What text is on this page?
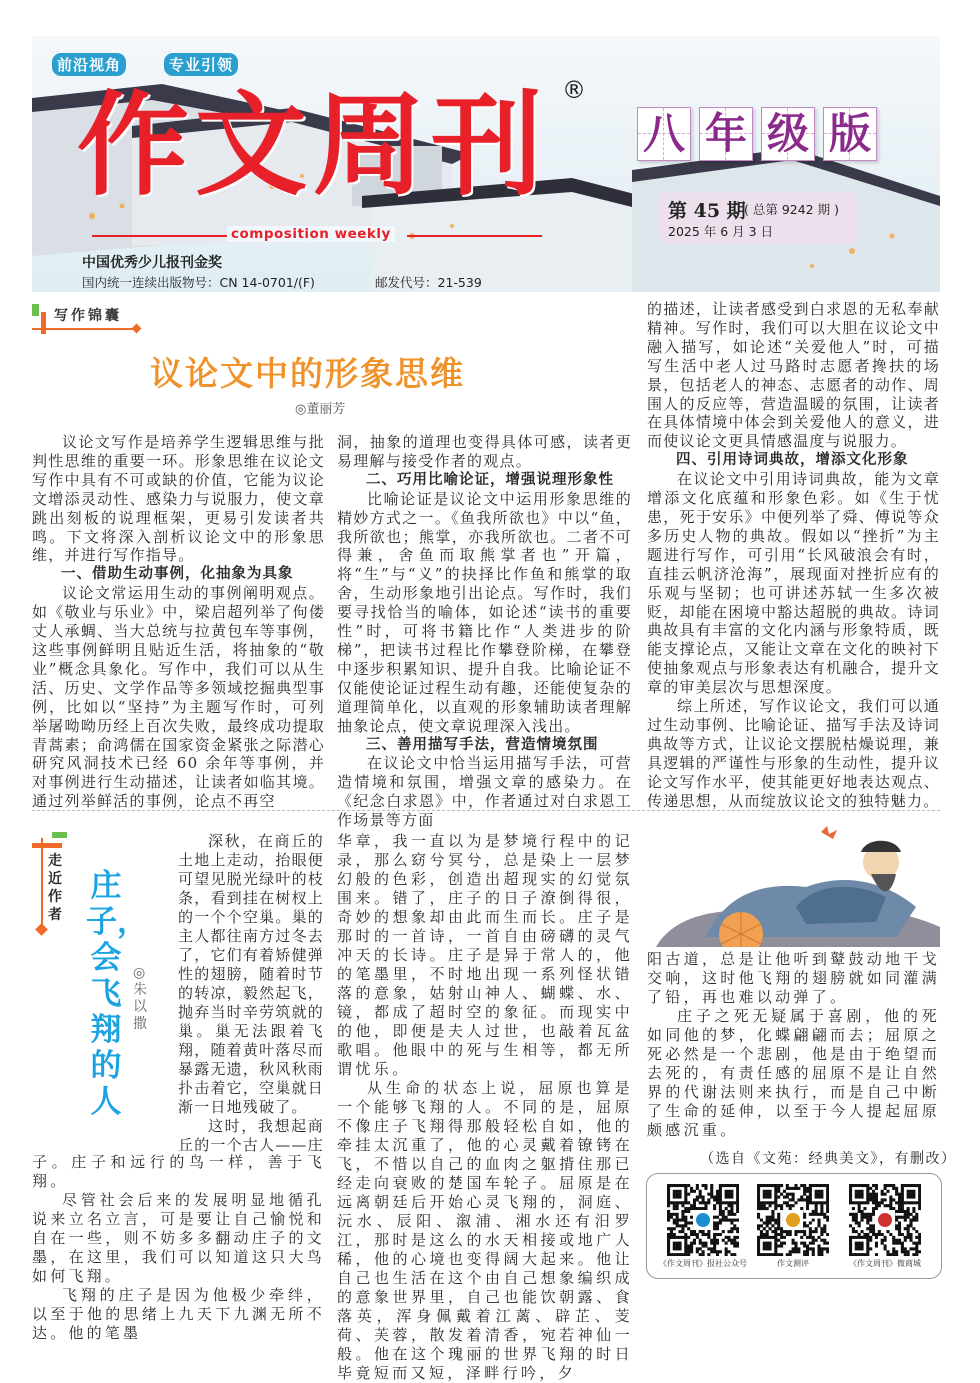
前沿视角	专业引领
作文周刊 ®
composition weekly
中国优秀少儿报刊金奖
国内统一连续出版物号：CN 14-0701/(F)	邮发代号：21-539
八 年 级 版
第 45 期
( 总第 9242 期 )
2025 年 6 月 3 日
写作锦囊
议论文中的形象思维
◎董丽芳

议论文写作是培养学生逻辑思维与批判性思维的重要一环。形象思维在议论文写作中具有不可或缺的价值，它能为议论文增添灵动性、感染力与说服力，使文章跳出刻板的说理框架，更易引发读者共鸣。下文将深入剖析议论文中的形象思维，并进行写作指导。

一、借助生动事例，化抽象为具象

议论文常运用生动的事例阐明观点。如《敬业与乐业》中，梁启超列举了佝偻丈人承蜩、当大总统与拉黄包车等事例，这些事例鲜明且贴近生活，将抽象的“敬业”概念具象化。写作中，我们可以从生活、历史、文学作品等多领域挖掘典型事例，比如以“坚持”为主题写作时，可列举屠呦呦历经上百次失败，最终成功提取青蒿素；俞鸿儒在国家资金紧张之际潜心研究风洞技术已经 60 余年等事例，并对事例进行生动描述，让读者如临其境。通过列举鲜活的事例，论点不再空

洞，抽象的道理也变得具体可感，读者更易理解与接受作者的观点。

二、巧用比喻论证，增强说理形象性

比喻论证是议论文中运用形象思维的精妙方式之一。《鱼我所欲也》中以“鱼，我所欲也；熊掌，亦我所欲也。二者不可得兼，舍鱼而取熊掌者也”开篇，将“生”与“义”的抉择比作鱼和熊掌的取舍，生动形象地引出论点。写作时，我们要寻找恰当的喻体，如论述“读书的重要性”时，可将书籍比作“人类进步的阶梯”，把读书过程比作攀登阶梯，在攀登中逐步积累知识、提升自我。比喻论证不仅能使论证过程生动有趣，还能使复杂的道理简单化，以直观的形象辅助读者理解抽象论点，使文章说理深入浅出。

三、善用描写手法，营造情境氛围

在议论文中恰当运用描写手法，可营造情境和氛围，增强文章的感染力。在《纪念白求恩》中，作者通过对白求恩工作场景等方面

的描述，让读者感受到白求恩的无私奉献精神。写作时，我们可以大胆在议论文中融入描写，如论述“关爱他人”时，可描写生活中老人过马路时志愿者搀扶的场景，包括老人的神态、志愿者的动作、周围人的反应等，营造温暖的氛围，让读者在具体情境中体会到关爱他人的意义，进而使议论文更具情感温度与说服力。

四、引用诗词典故，增添文化形象

在议论文中引用诗词典故，能为文章增添文化底蕴和形象色彩。如《生于忧患，死于安乐》中便列举了舜、傅说等众多历史人物的典故。假如以“挫折”为主题进行写作，可引用“长风破浪会有时，直挂云帆济沧海”，展现面对挫折应有的乐观与坚韧；也可讲述苏轼一生多次被贬，却能在困境中豁达超脱的典故。诗词典故具有丰富的文化内涵与形象特质，既能支撑论点，又能让文章在文化的映衬下使抽象观点与形象表达有机融合，提升文章的审美层次与思想深度。

综上所述，写作议论文，我们可以通过生动事例、比喻论证、描写手法及诗词典故等方式，让议论文摆脱枯燥说理，兼具逻辑的严谨性与形象的生动性，提升议论文写作水平，使其能更好地表达观点、传递思想，从而绽放议论文的独特魅力。

走近作者
庄子，会飞翔的人
◎朱以撒

深秋，在商丘的土地上走动，抬眼便可望见脱光绿叶的枝条，看到挂在树杈上的一个个空巢。巢的主人都往南方过冬去了，它们有着矫健弹性的翅膀，随着时节的转凉，毅然起飞，抛弃当时辛劳筑就的巢。巢无法跟着飞翔，随着黄叶落尽而暴露无遗，秋风秋雨扑击着它，空巢就日渐一日地残破了。

这时，我想起商丘的一个古人——庄

子。庄子和远行的鸟一样，善于飞翔。

尽管社会后来的发展明显地循孔说来立名立言，可是要让自己愉悦和自在一些，则不妨多多翻动庄子的文墨，在这里，我们可以知道这只大鸟如何飞翔。

飞翔的庄子是因为他极少牵绊，以至于他的思绪上九天下九渊无所不达。他的笔墨

华章，我一直以为是梦境行程中的记录，那么窈兮冥兮，总是染上一层梦幻般的色彩，创造出超现实的幻觉氛围来。错了，庄子的日子潦倒得很，奇妙的想象却由此而生而长。庄子是那时的一首诗，一首自由磅礴的灵气冲天的长诗。庄子是异于常人的，他的笔墨里，不时地出现一系列怪状错落的意象，姑射山神人、蝴蝶、水、镜，都成了超时空的象征。而现实中的他，即便是夫人过世，也敲着瓦盆歌唱。他眼中的死与生相等，都无所谓忧乐。

从生命的状态上说，屈原也算是一个能够飞翔的人。不同的是，屈原不像庄子飞翔得那般轻松自如，他的牵挂太沉重了，他的心灵戴着镣铐在飞，不惜以自己的血肉之躯揹住那已经走向衰败的楚国车轮子。屈原是在远离朝廷后开始心灵飞翔的，洞庭、沅水、辰阳、溆浦、湘水还有汨罗江，那时是这么的水天相接或地广人稀，他的心境也变得阔大起来。他让自己也生活在这个由自己想象编织成的意象世界里，自己也能饮朝露、食落英，浑身佩戴着江蓠、辟芷、芰荷、芙蓉，散发着清香，宛若神仙一般。他在这个瑰丽的世界飞翔的时日毕竟短而又短，泽畔行吟，夕

阳古道，总是让他听到鼙鼓动地干戈交响，这时他飞翔的翅膀就如同灌满了铅，再也难以动弹了。

庄子之死无疑属于喜剧，他的死如同他的梦，化蝶翩翩而去；屈原之死必然是一个悲剧，他是由于绝望而去死的，有责任感的屈原不是让自然界的代谢法则来执行，而是自己中断了生命的延伸，以至于今人提起屈原颇感沉重。

（选自《文苑：经典美文》，有删改）
《作文周刊》报社公众号	作文测评	《作文周刊》微商城
